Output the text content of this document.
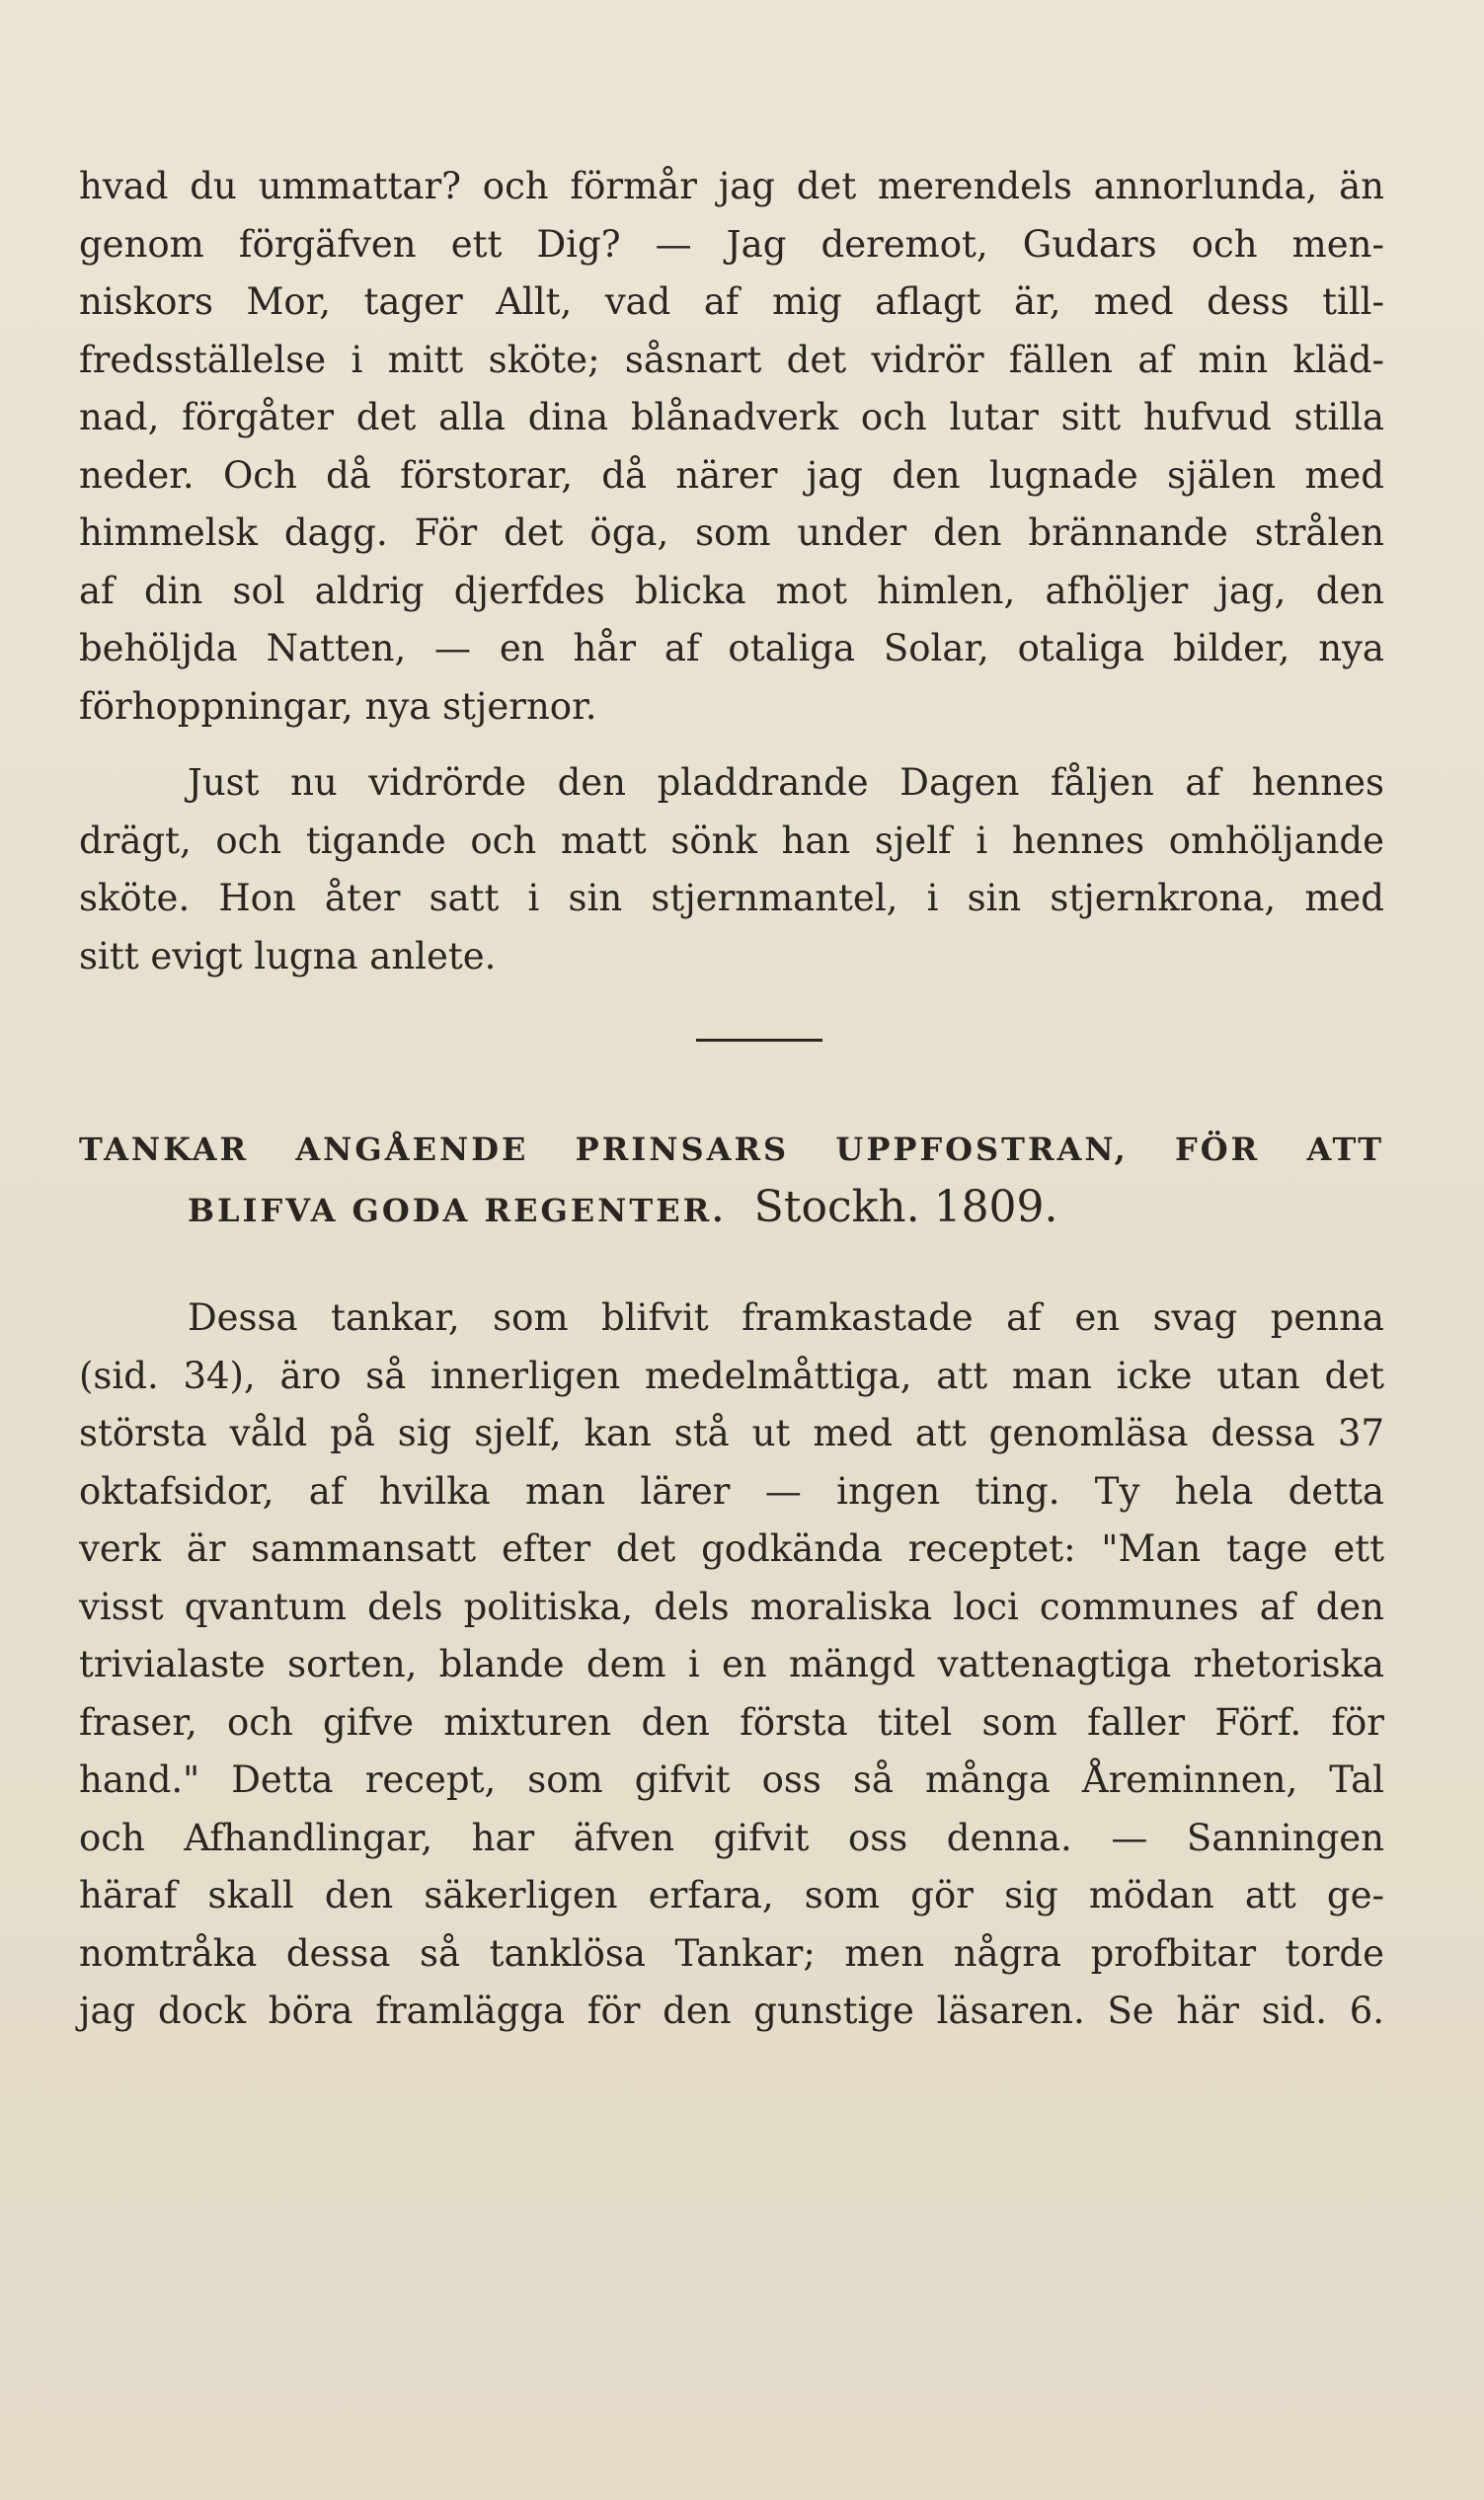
hvad du ummattar? och förmår jag det merendels annorlunda, än
genom förgäfven ett Dig? — Jag deremot, Gudars och men-
niskors Mor, tager Allt, vad af mig aflagt är, med dess till-
fredsställelse i mitt sköte; såsnart det vidrör fällen af min kläd-
nad, förgåter det alla dina blånadverk och lutar sitt hufvud stilla
neder. Och då förstorar, då närer jag den lugnade själen med
himmelsk dagg. För det öga, som under den brännande strålen
af din sol aldrig djerfdes blicka mot himlen, afhöljer jag, den
behöljda Natten, — en hår af otaliga Solar, otaliga bilder, nya
förhoppningar, nya stjernor.
Just nu vidrörde den pladdrande Dagen fåljen af hennes
drägt, och tigande och matt sönk han sjelf i hennes omhöljande
sköte. Hon åter satt i sin stjernmantel, i sin stjernkrona, med
sitt evigt lugna anlete.
TANKAR ANGÅENDE PRINSARS UPPFOSTRAN, FÖR ATT
BLIFVA GODA REGENTER. Stockh. 1809.
Dessa tankar, som blifvit framkastade af en svag penna
(sid. 34), äro så innerligen medelmåttiga, att man icke utan det
största våld på sig sjelf, kan stå ut med att genomläsa dessa 37
oktafsidor, af hvilka man lärer — ingen ting. Ty hela detta
verk är sammansatt efter det godkända receptet: "Man tage ett
visst qvantum dels politiska, dels moraliska loci communes af den
trivialaste sorten, blande dem i en mängd vattenagtiga rhetoriska
fraser, och gifve mixturen den första titel som faller Förf. för
hand." Detta recept, som gifvit oss så många Åreminnen, Tal
och Afhandlingar, har äfven gifvit oss denna. — Sanningen
häraf skall den säkerligen erfara, som gör sig mödan att ge-
nomtråka dessa så tanklösa Tankar; men några profbitar torde
jag dock böra framlägga för den gunstige läsaren. Se här sid. 6.
